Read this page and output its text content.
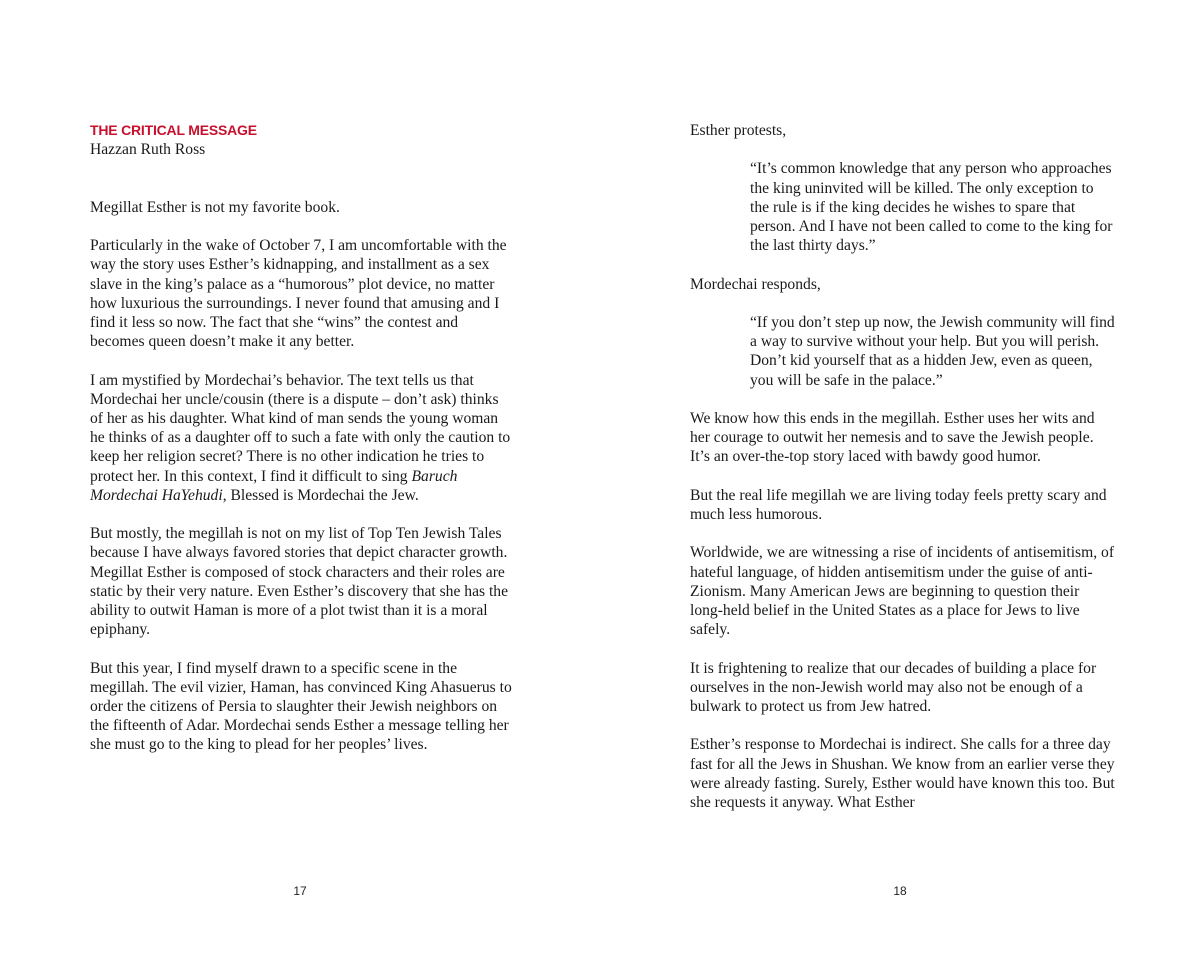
THE CRITICAL MESSAGE

Hazzan Ruth Ross

Megillat Esther is not my favorite book.

Particularly in the wake of October 7, I am uncomfortable with the way the story uses Esther’s kidnapping, and installment as a sex slave in the king’s palace as a “humorous” plot device, no matter how luxurious the surroundings. I never found that amusing and I find it less so now. The fact that she “wins” the contest and becomes queen doesn’t make it any better.

I am mystified by Mordechai’s behavior. The text tells us that Mordechai her uncle/cousin (there is a dispute – don’t ask) thinks of her as his daughter. What kind of man sends the young woman he thinks of as a daughter off to such a fate with only the caution to keep her religion secret? There is no other indication he tries to protect her. In this context, I find it difficult to sing Baruch Mordechai HaYehudi, Blessed is Mordechai the Jew.

But mostly, the megillah is not on my list of Top Ten Jewish Tales because I have always favored stories that depict character growth. Megillat Esther is composed of stock characters and their roles are static by their very nature. Even Esther’s discovery that she has the ability to outwit Haman is more of a plot twist than it is a moral epiphany.

But this year, I find myself drawn to a specific scene in the megillah. The evil vizier, Haman, has convinced King Ahasuerus to order the citizens of Persia to slaughter their Jewish neighbors on the fifteenth of Adar. Mordechai sends Esther a message telling her she must go to the king to plead for her peoples’ lives.

17

Esther protests,

“It’s common knowledge that any person who approaches the king uninvited will be killed. The only exception to the rule is if the king decides he wishes to spare that person. And I have not been called to come to the king for the last thirty days.”

Mordechai responds,

“If you don’t step up now, the Jewish community will find a way to survive without your help. But you will perish. Don’t kid yourself that as a hidden Jew, even as queen, you will be safe in the palace.”

We know how this ends in the megillah. Esther uses her wits and her courage to outwit her nemesis and to save the Jewish people. It’s an over-the-top story laced with bawdy good humor.

But the real life megillah we are living today feels pretty scary and much less humorous.

Worldwide, we are witnessing a rise of incidents of antisemitism, of hateful language, of hidden antisemitism under the guise of anti-Zionism. Many American Jews are beginning to question their long-held belief in the United States as a place for Jews to live safely.

It is frightening to realize that our decades of building a place for ourselves in the non-Jewish world may also not be enough of a bulwark to protect us from Jew hatred.

Esther’s response to Mordechai is indirect. She calls for a three day fast for all the Jews in Shushan. We know from an earlier verse they were already fasting. Surely, Esther would have known this too. But she requests it anyway. What Esther

18
